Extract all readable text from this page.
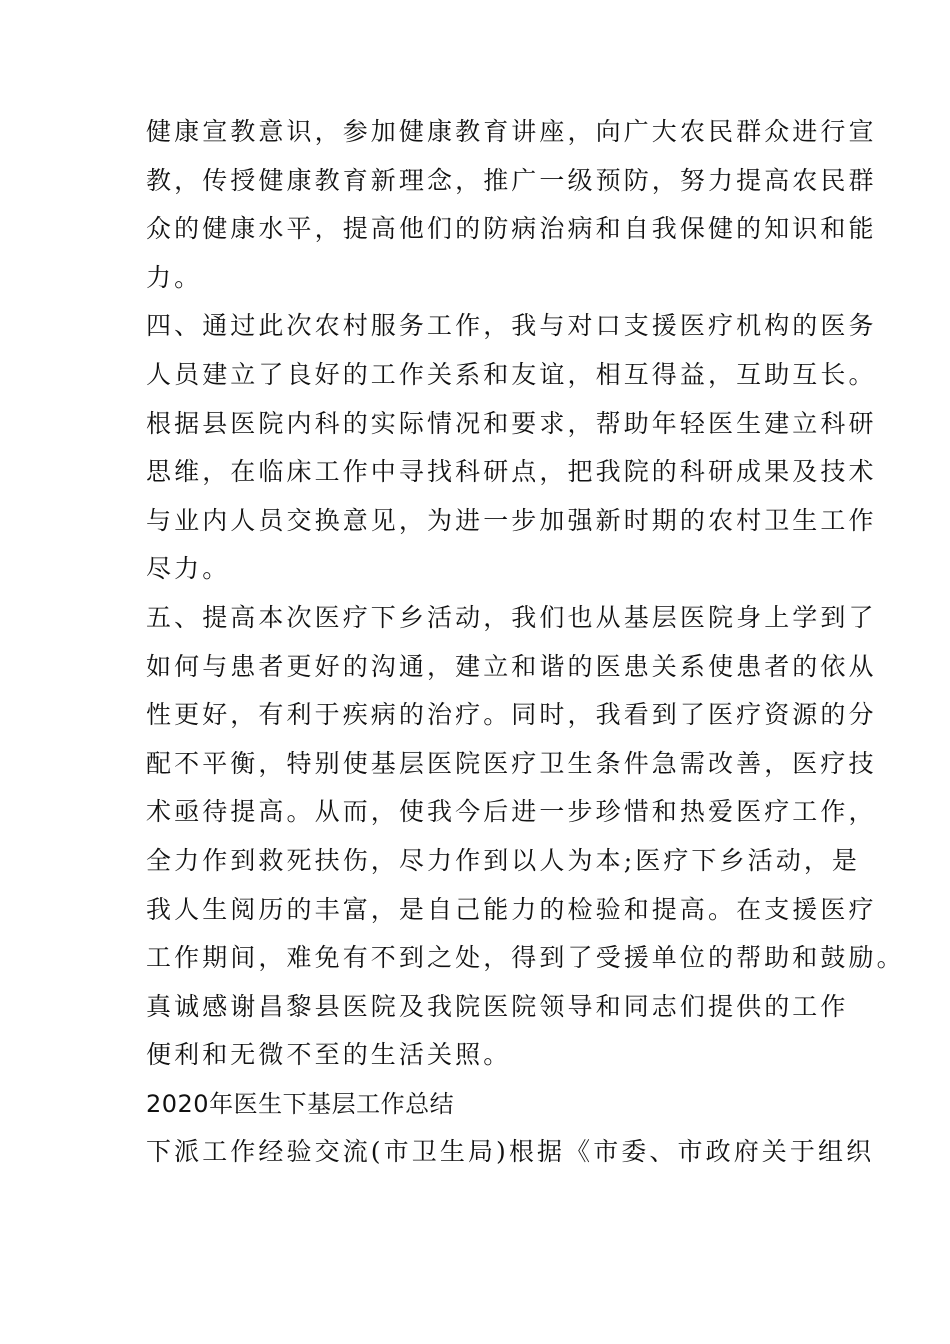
健康宣教意识，参加健康教育讲座，向广大农民群众进行宣
教，传授健康教育新理念，推广一级预防，努力提高农民群
众的健康水平，提高他们的防病治病和自我保健的知识和能
力。
四、通过此次农村服务工作，我与对口支援医疗机构的医务
人员建立了良好的工作关系和友谊，相互得益，互助互长。
根据县医院内科的实际情况和要求，帮助年轻医生建立科研
思维，在临床工作中寻找科研点，把我院的科研成果及技术
与业内人员交换意见，为进一步加强新时期的农村卫生工作
尽力。
五、提高本次医疗下乡活动，我们也从基层医院身上学到了
如何与患者更好的沟通，建立和谐的医患关系使患者的依从
性更好，有利于疾病的治疗。同时，我看到了医疗资源的分
配不平衡，特别使基层医院医疗卫生条件急需改善，医疗技
术亟待提高。从而，使我今后进一步珍惜和热爱医疗工作，
全力作到救死扶伤，尽力作到以人为本;医疗下乡活动，是
我人生阅历的丰富，是自己能力的检验和提高。在支援医疗
工作期间，难免有不到之处，得到了受援单位的帮助和鼓励。
真诚感谢昌黎县医院及我院医院领导和同志们提供的工作
便利和无微不至的生活关照。
2020年医生下基层工作总结
下派工作经验交流(市卫生局)根据《市委、市政府关于组织
